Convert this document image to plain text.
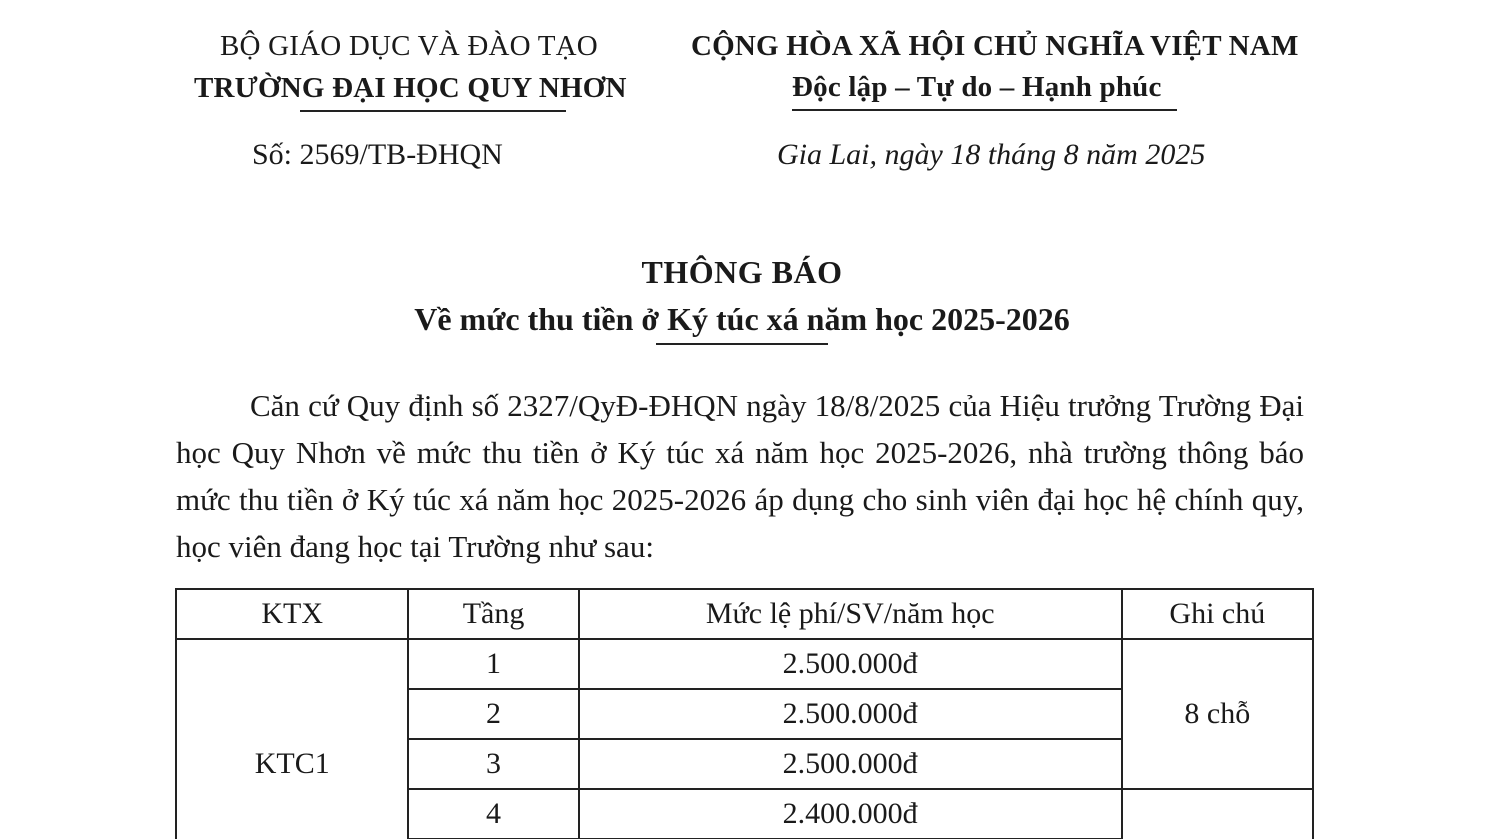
BỘ GIÁO DỤC VÀ ĐÀO TẠO
TRƯỜNG ĐẠI HỌC QUY NHƠN
Số: 2569/TB-ĐHQN
CỘNG HÒA XÃ HỘI CHỦ NGHĨA VIỆT NAM
Độc lập – Tự do – Hạnh phúc
Gia Lai, ngày 18 tháng 8 năm 2025
THÔNG BÁO
Về mức thu tiền ở Ký túc xá năm học 2025-2026
Căn cứ Quy định số 2327/QyĐ-ĐHQN ngày 18/8/2025 của Hiệu trưởng Trường Đại học Quy Nhơn về mức thu tiền ở Ký túc xá năm học 2025-2026, nhà trường thông báo mức thu tiền ở Ký túc xá năm học 2025-2026 áp dụng cho sinh viên đại học hệ chính quy, học viên đang học tại Trường như sau:
KTX	Tầng	Mức lệ phí/SV/năm học	Ghi chú
KTC1	1	2.500.000đ	8 chỗ
	2	2.500.000đ	
	3	2.500.000đ	
	4	2.400.000đ	
